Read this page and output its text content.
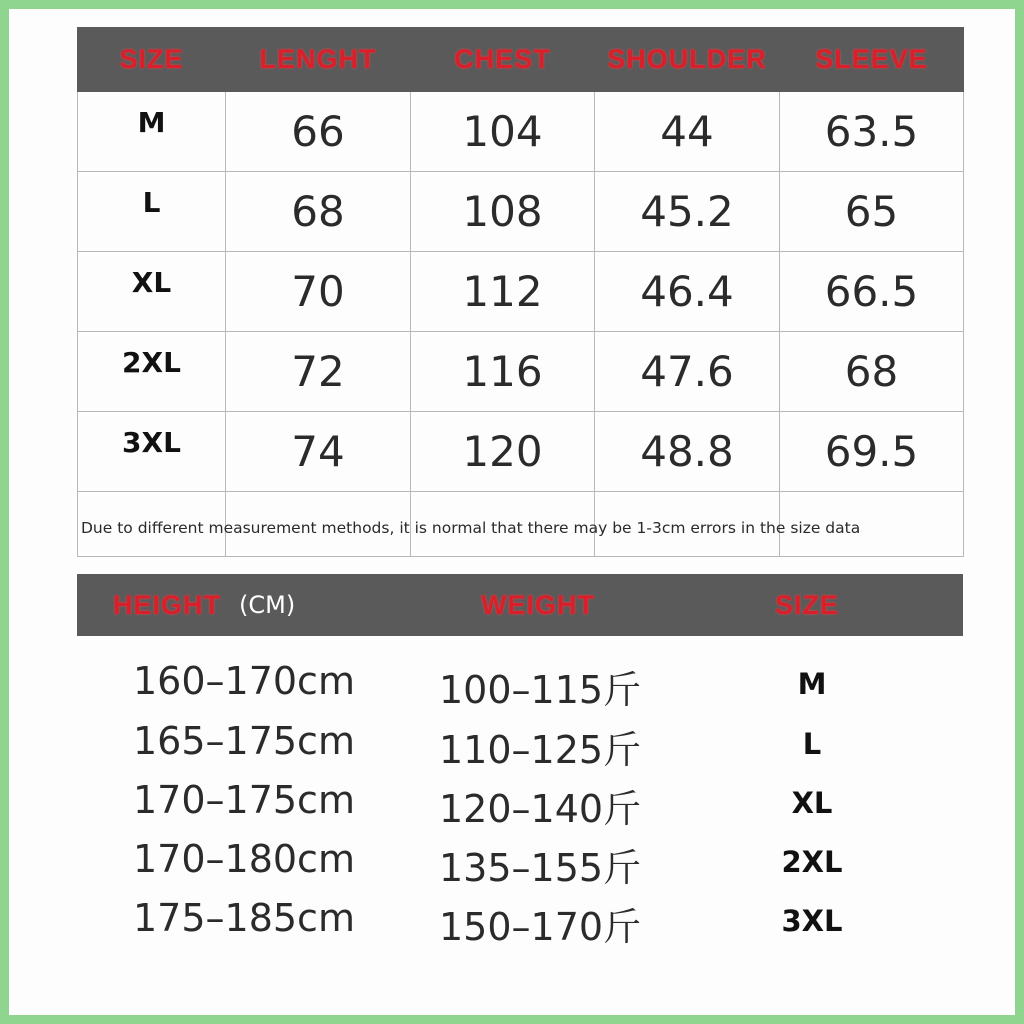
SIZE	LENGHT	CHEST	SHOULDER	SLEEVE
M	66	104	44	63.5
L	68	108	45.2	65
XL	70	112	46.4	66.5
2XL	72	116	47.6	68
3XL	74	120	48.8	69.5

Due to different measurement methods, it is normal that there may be 1-3cm errors in the size data
HEIGHT (CM)	WEIGHT	SIZE
160–170cm 100–115斤	M
165–175cm 110–125斤	L
170–175cm 120–140斤	XL
170–180cm 135–155斤	2XL
175–185cm 150–170斤	3XL
